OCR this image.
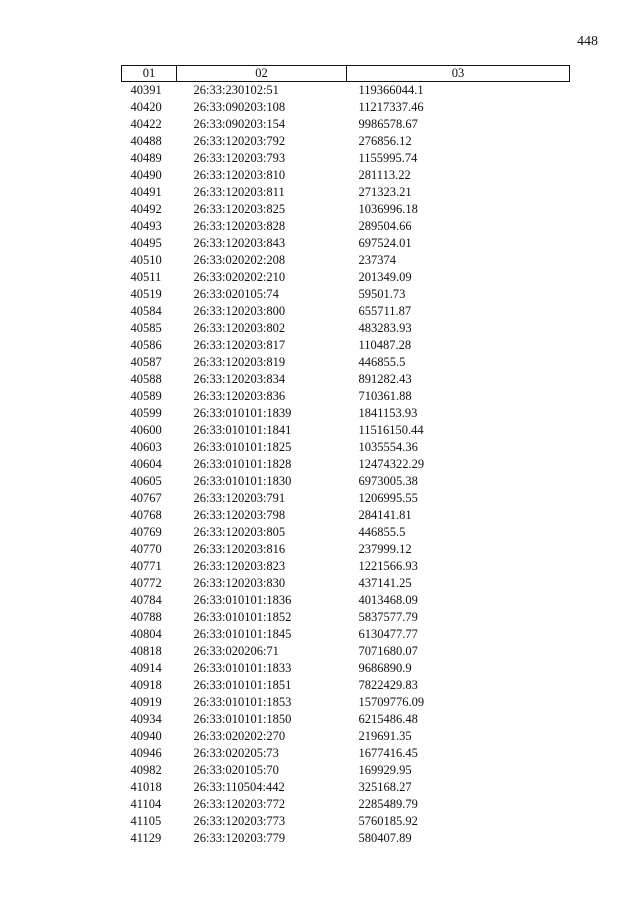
448
01	02	03
40391	26:33:230102:51	119366044.1
40420	26:33:090203:108	11217337.46
40422	26:33:090203:154	9986578.67
40488	26:33:120203:792	276856.12
40489	26:33:120203:793	1155995.74
40490	26:33:120203:810	281113.22
40491	26:33:120203:811	271323.21
40492	26:33:120203:825	1036996.18
40493	26:33:120203:828	289504.66
40495	26:33:120203:843	697524.01
40510	26:33:020202:208	237374
40511	26:33:020202:210	201349.09
40519	26:33:020105:74	59501.73
40584	26:33:120203:800	655711.87
40585	26:33:120203:802	483283.93
40586	26:33:120203:817	110487.28
40587	26:33:120203:819	446855.5
40588	26:33:120203:834	891282.43
40589	26:33:120203:836	710361.88
40599	26:33:010101:1839	1841153.93
40600	26:33:010101:1841	11516150.44
40603	26:33:010101:1825	1035554.36
40604	26:33:010101:1828	12474322.29
40605	26:33:010101:1830	6973005.38
40767	26:33:120203:791	1206995.55
40768	26:33:120203:798	284141.81
40769	26:33:120203:805	446855.5
40770	26:33:120203:816	237999.12
40771	26:33:120203:823	1221566.93
40772	26:33:120203:830	437141.25
40784	26:33:010101:1836	4013468.09
40788	26:33:010101:1852	5837577.79
40804	26:33:010101:1845	6130477.77
40818	26:33:020206:71	7071680.07
40914	26:33:010101:1833	9686890.9
40918	26:33:010101:1851	7822429.83
40919	26:33:010101:1853	15709776.09
40934	26:33:010101:1850	6215486.48
40940	26:33:020202:270	219691.35
40946	26:33:020205:73	1677416.45
40982	26:33:020105:70	169929.95
41018	26:33:110504:442	325168.27
41104	26:33:120203:772	2285489.79
41105	26:33:120203:773	5760185.92
41129	26:33:120203:779	580407.89
